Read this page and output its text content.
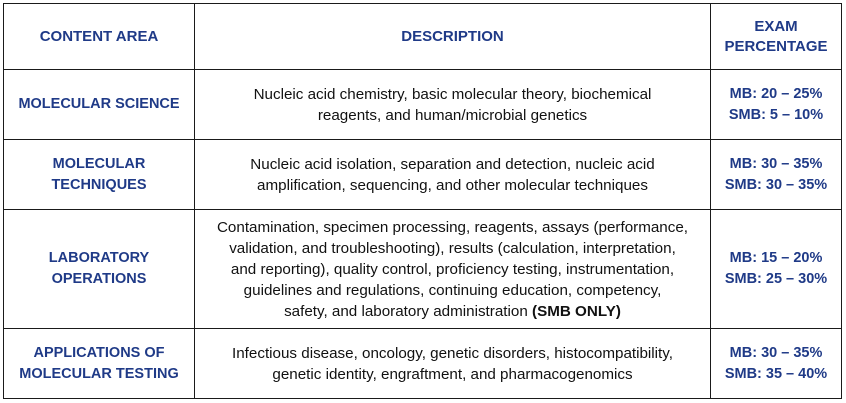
CONTENT AREA	DESCRIPTION	EXAM
PERCENTAGE

MOLECULAR SCIENCE	Nucleic acid chemistry, basic molecular theory, biochemical
reagents, and human/microbial genetics	MB: 20 – 25%
SMB: 5 – 10%

MOLECULAR
TECHNIQUES	Nucleic acid isolation, separation and detection, nucleic acid
amplification, sequencing, and other molecular techniques	MB: 30 – 35%
SMB: 30 – 35%

LABORATORY
OPERATIONS	Contamination, specimen processing, reagents, assays (performance,
validation, and troubleshooting), results (calculation, interpretation,
and reporting), quality control, proficiency testing, instrumentation,
guidelines and regulations, continuing education, competency,
safety, and laboratory administration (SMB ONLY)	MB: 15 – 20%
SMB: 25 – 30%

APPLICATIONS OF
MOLECULAR TESTING	Infectious disease, oncology, genetic disorders, histocompatibility,
genetic identity, engraftment, and pharmacogenomics	MB: 30 – 35%
SMB: 35 – 40%
